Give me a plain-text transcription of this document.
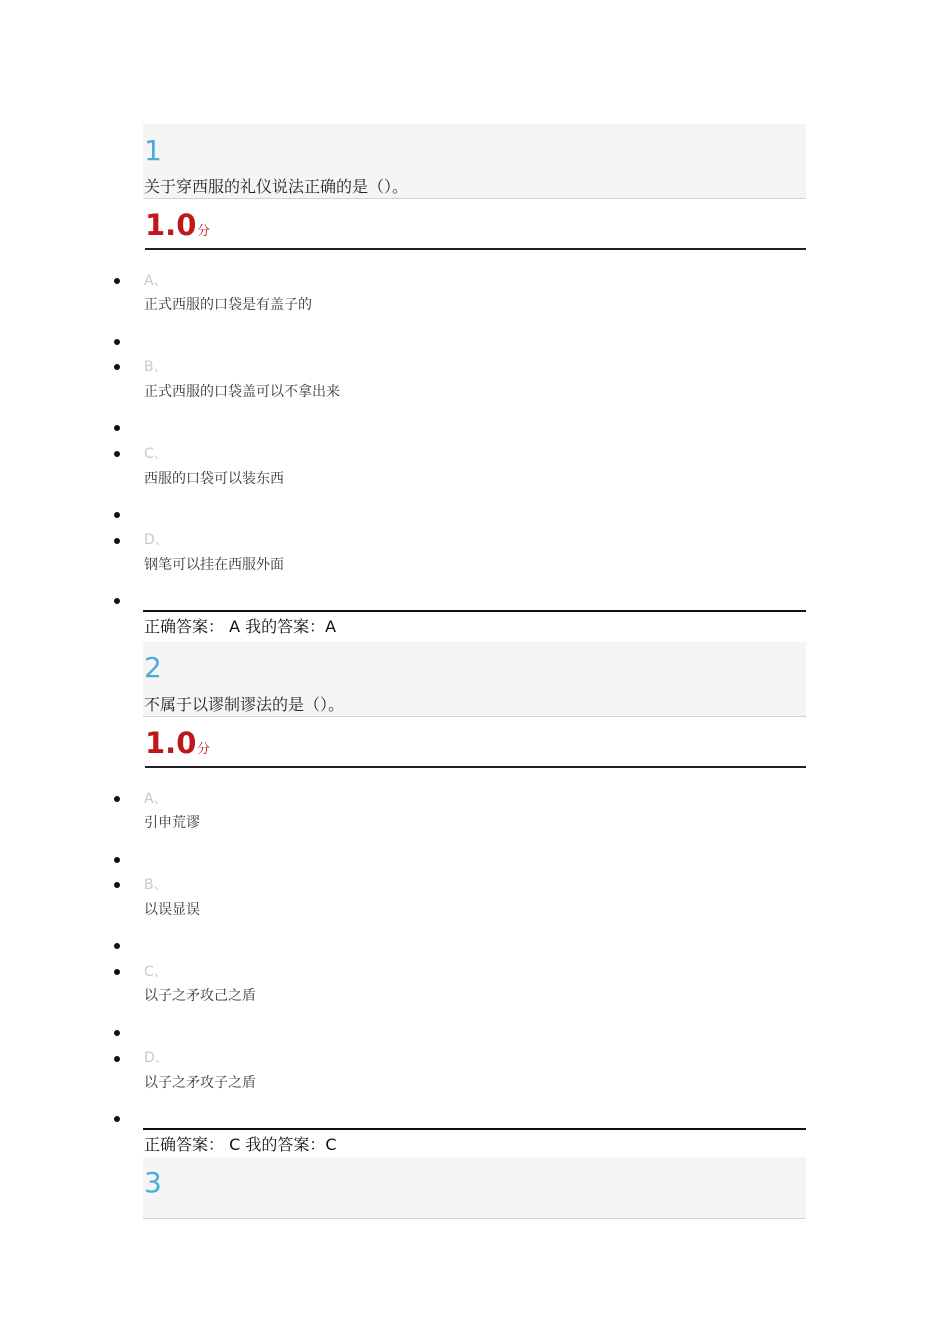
1
关于穿西服的礼仪说法正确的是（）。
1.0 分
A、
正式西服的口袋是有盖子的
B、
正式西服的口袋盖可以不拿出来
C、
西服的口袋可以装东西
D、
钢笔可以挂在西服外面
正确答案： A 我的答案：A
2
不属于以谬制谬法的是（）。
1.0 分
A、
引申荒谬
B、
以误显误
C、
以子之矛攻己之盾
D、
以子之矛攻子之盾
正确答案： C 我的答案：C
3
